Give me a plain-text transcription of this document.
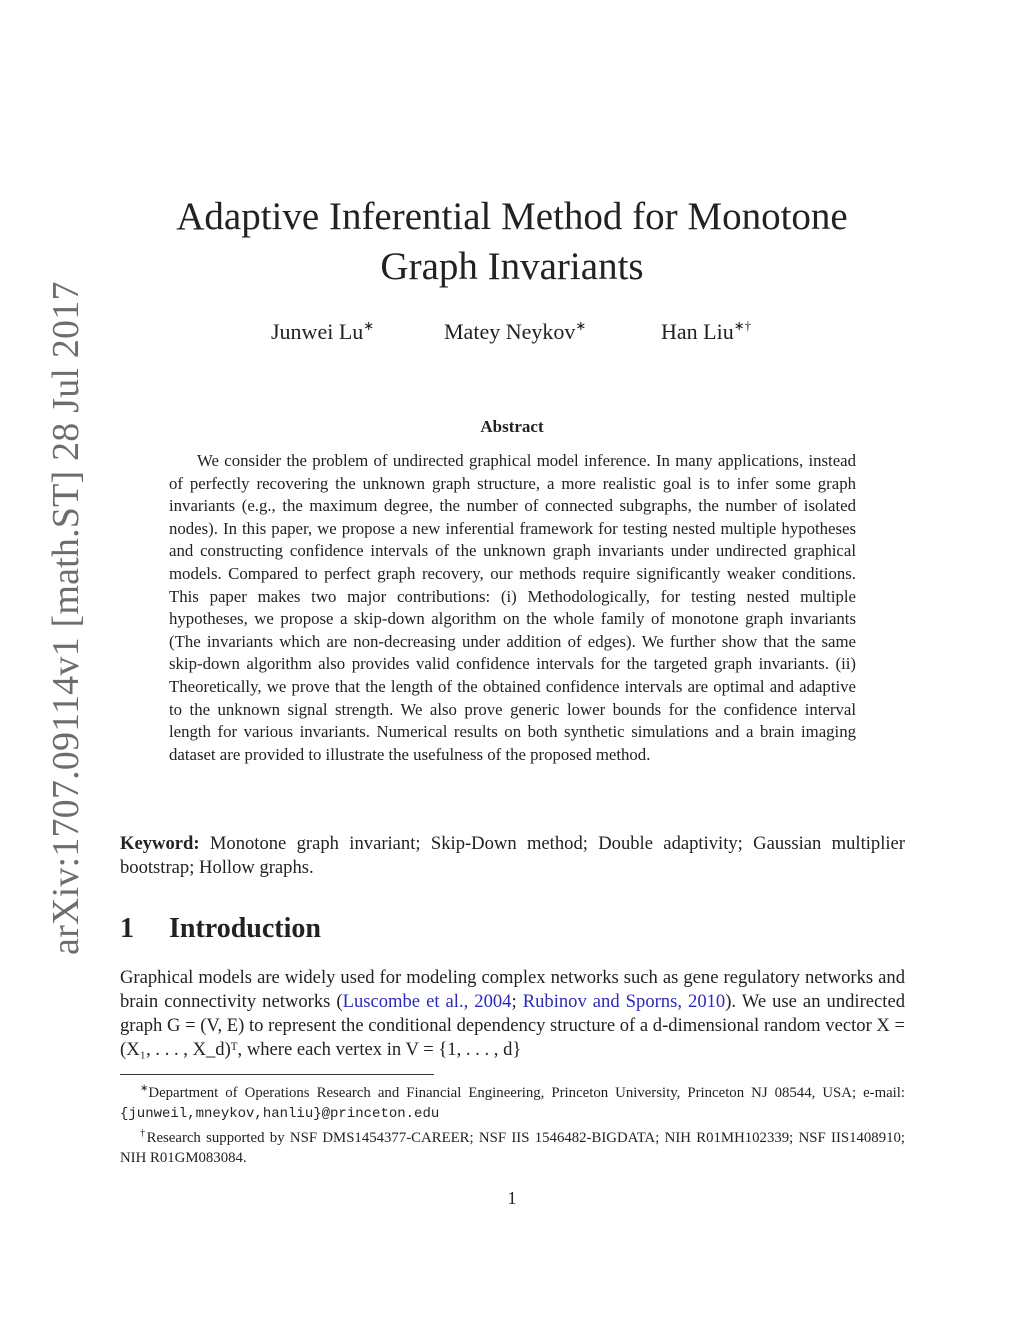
arXiv:1707.09114v1 [math.ST] 28 Jul 2017
Adaptive Inferential Method for Monotone
Graph Invariants
Junwei Lu∗	Matey Neykov∗	Han Liu∗†
Abstract
We consider the problem of undirected graphical model inference. In many applications, instead of perfectly recovering the unknown graph structure, a more realistic goal is to infer some graph invariants (e.g., the maximum degree, the number of connected subgraphs, the number of isolated nodes). In this paper, we propose a new inferential framework for testing nested multiple hypotheses and constructing confidence intervals of the unknown graph invariants under undirected graphical models. Compared to perfect graph recovery, our methods require significantly weaker conditions. This paper makes two major contributions: (i) Methodologically, for testing nested multiple hypotheses, we propose a skip-down algorithm on the whole family of monotone graph invariants (The invariants which are non-decreasing under addition of edges). We further show that the same skip-down algorithm also provides valid confidence intervals for the targeted graph invariants. (ii) Theoretically, we prove that the length of the obtained confidence intervals are optimal and adaptive to the unknown signal strength. We also prove generic lower bounds for the confidence interval length for various invariants. Numerical results on both synthetic simulations and a brain imaging dataset are provided to illustrate the usefulness of the proposed method.
Keyword: Monotone graph invariant; Skip-Down method; Double adaptivity; Gaussian multiplier bootstrap; Hollow graphs.
1 Introduction
Graphical models are widely used for modeling complex networks such as gene regulatory networks and brain connectivity networks (Luscombe et al., 2004; Rubinov and Sporns, 2010). We use an undirected graph G = (V, E) to represent the conditional dependency structure of a d-dimensional random vector X = (X₁, . . . , X_d)ᵀ, where each vertex in V = {1, . . . , d}

∗Department of Operations Research and Financial Engineering, Princeton University, Princeton NJ 08544, USA; e-mail: {junweil,mneykov,hanliu}@princeton.edu

†Research supported by NSF DMS1454377-CAREER; NSF IIS 1546482-BIGDATA; NIH R01MH102339; NSF IIS1408910; NIH R01GM083084.

1
